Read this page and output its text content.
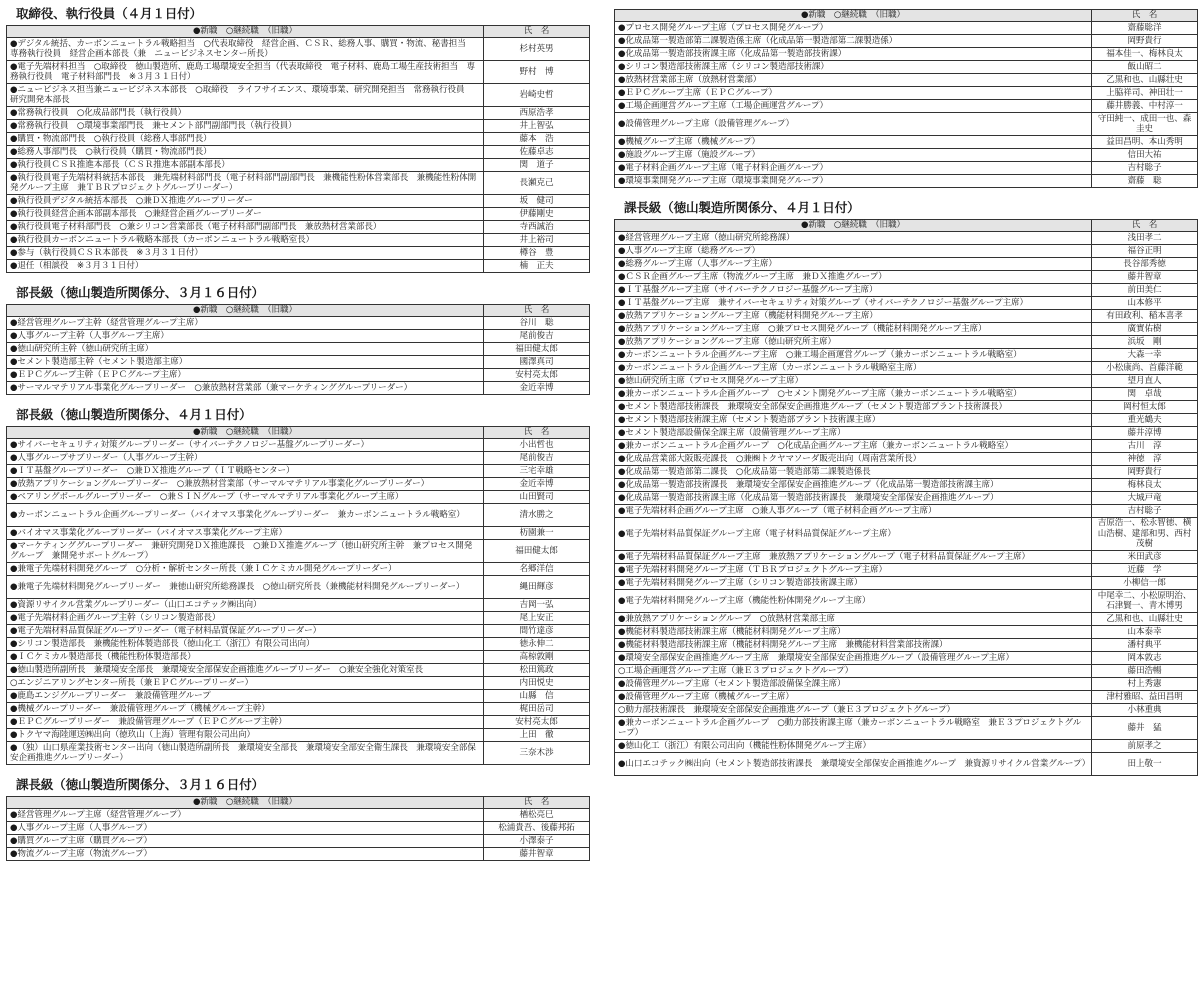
取締役、執行役員（４月１日付）
●新職　○継続職　（旧職）	氏　名
●デジタル統括、カーボンニュートラル戦略担当　○代表取締役　経営企画、ＣＳＲ、総務人事、購買・物流、秘書担当　専務執行役員　経営企画本部長（兼　ニュービジネスセンター所長）	杉村英男
●電子先端材料担当　○取締役　徳山製造所、鹿島工場環境安全担当（代表取締役　電子材料、鹿島工場生産技術担当　専務執行役員　電子材料部門長　※３月３１日付）	野村　博
●ニュービジネス担当兼ニュービジネス本部長　○取締役　ライフサイエンス、環境事業、研究開発担当　常務執行役員　研究開発本部長	岩崎史哲
●常務執行役員　○化成品部門長（執行役員）	西原浩孝
●常務執行役員　○環境事業部門長　兼セメント部門副部門長（執行役員）	井上智弘
●購買・物流部門長　○執行役員（総務人事部門長）	藤本　浩
●総務人事部門長　○執行役員（購買・物流部門長）	佐藤卓志
●執行役員ＣＳＲ推進本部長（ＣＳＲ推進本部副本部長）	関　道子
●執行役員電子先端材料統括本部長　兼先端材料部門長（電子材料部門副部門長　兼機能性粉体営業部長　兼機能性粉体開発グループ主席　兼ＴＢＲプロジェクトグループリーダー）	長瀬克己
●執行役員デジタル統括本部長　○兼ＤＸ推進グループリーダー	坂　健司
●執行役員経営企画本部副本部長　○兼経営企画グループリーダー	伊藤剛史
●執行役員電子材料部門長　○兼シリコン営業部長（電子材料部門副部門長　兼放熱材営業部長）	寺西誠治
●執行役員カーボンニュートラル戦略本部長（カーボンニュートラル戦略室長）	井上裕司
●参与（執行役員ＣＳＲ本部長　※３月３１日付）	樽谷　豊
●退任（相談役　※３月３１日付）	楠　正夫
部長級（徳山製造所関係分、３月１６日付）
●新職　○継続職　（旧職）	氏　名
●経営管理グループ主幹（経営管理グループ主席）	谷川　聡
●人事グループ主幹（人事グループ主席）	尾前俊吉
●徳山研究所主幹（徳山研究所主席）	福田健太郎
●セメント製造部主幹（セメント製造部主席）	國澤真司
●ＥＰＣグループ主幹（ＥＰＣグループ主席）	安村亮太郎
●サーマルマテリアル事業化グループリーダー　○兼放熱材営業部（兼マーケティンググループリーダー）	金近幸博
部長級（徳山製造所関係分、４月１日付）
●新職　○継続職　（旧職）	氏　名
●サイバーセキュリティ対策グループリーダー（サイバーテクノロジー基盤グループリーダー）	小出哲也
●人事グループサブリーダー（人事グループ主幹）	尾前俊吉
●ＩＴ基盤グループリーダー　○兼ＤＸ推進グループ（ＩＴ戦略センター）	三宅幸雄
●放熱アプリケーショングループリーダー　○兼放熱材営業部（サーマルマテリアル事業化グループリーダー）	金近幸博
●ベアリングボールグループリーダー　○兼ＳＩＮグループ（サーマルマテリアル事業化グループ主席）	山田賢司
●カーボンニュートラル企画グループリーダー（バイオマス事業化グループリーダー　兼カーボンニュートラル戦略室）	清水勝之
●バイオマス事業化グループリーダー（バイオマス事業化グループ主席）	杤園兼一
●マーケティンググループリーダー　兼研究開発ＤＸ推進課長　○兼ＤＸ推進グループ（徳山研究所主幹　兼プロセス開発グループ　兼開発サポートグループ）	福田健太郎
●兼電子先端材料開発グループ　○分析・解析センター所長（兼ＩＣケミカル開発グループリーダー）	名郷洋信
●兼電子先端材料開発グループリーダー　兼徳山研究所総務課長　○徳山研究所長（兼機能材料開発グループリーダー）	縄田輝彦
●資源リサイクル営業グループリーダー（山口エコテック㈱出向）	吉岡一弘
●電子先端材料企画グループ主幹（シリコン製造部長）	尾上安正
●電子先端材料品質保証グループリーダー（電子材料品質保証グループリーダー）	間竹達彦
●シリコン製造部長　兼機能性粉体製造部長（徳山化工（浙江）有限公司出向）	徳永伸二
●ＩＣケミカル製造部長（機能性粉体製造部長）	高椋敦剛
●徳山製造所副所長　兼環境安全部長　兼環境安全部保安企画推進グループリーダー　○兼安全強化対策室長	松田篤政
○エンジニアリングセンター所長（兼ＥＰＣグループリーダー）	内田悦史
●鹿島エンジグループリーダー　兼設備管理グループ	山縣　信
●機械グループリーダー　兼設備管理グループ（機械グループ主幹）	梶田岳司
●ＥＰＣグループリーダー　兼設備管理グループ（ＥＰＣグループ主幹）	安村亮太郎
●トクヤマ海陸運送㈱出向（徳玖山（上海）管理有限公司出向）	上田　徹
●（独）山口県産業技術センター出向（徳山製造所副所長　兼環境安全部長　兼環境安全部安全衛生課長　兼環境安全部保安企画推進グループリーダー）	三奈木渉
課長級（徳山製造所関係分、３月１６日付）
●新職　○継続職　（旧職）	氏　名
●経営管理グループ主席（経営管理グループ）	楢松亮巳
●人事グループ主席（人事グループ）	松浦貴吾、後藤邦拓
●購買グループ主席（購買グループ）	小澤泰子
●物流グループ主席（物流グループ）	藤井智章
●新職　○継続職　（旧職）	氏　名
●プロセス開発グループ主席（プロセス開発グループ）	齋藤聡洋
●化成品第一製造部第二課製造係主席（化成品第一製造部第二課製造係）	岡野貴行
●化成品第一製造部技術課主席（化成品第一製造部技術課）	福本佳一、梅林良太
●シリコン製造部技術課主席（シリコン製造部技術課）	飯山昭二
●放熱材営業部主席（放熱材営業部）	乙黒和也、山縣壮史
●ＥＰＣグループ主席（ＥＰＣグループ）	上脇祥司、神田壮一
●工場企画運営グループ主席（工場企画運営グループ）	藤井勝義、中村淳一
●設備管理グループ主席（設備管理グループ）	守田純一、成田一也、森　圭史
●機械グループ主席（機械グループ）	益田昌明、本山秀明
●施設グループ主席（施設グループ）	信田大祐
●電子材料企画グループ主席（電子材料企画グループ）	吉村聡子
●環境事業開発グループ主席（環境事業開発グループ）	齋藤　聡
課長級（徳山製造所関係分、４月１日付）
●新職　○継続職　（旧職）	氏　名
●経営管理グループ主席（徳山研究所総務課）	浅田孝二
●人事グループ主席（総務グループ）	福谷正明
●総務グループ主席（人事グループ主席）	長谷部秀徳
●ＣＳＲ企画グループ主席（物流グループ主席　兼ＤＸ推進グループ）	藤井智章
●ＩＴ基盤グループ主席（サイバーテクノロジー基盤グループ主席）	前田美仁
●ＩＴ基盤グループ主席　兼サイバーセキュリティ対策グループ（サイバーテクノロジー基盤グループ主席）	山本修平
●放熱アプリケーショングループ主席（機能材料開発グループ主席）	有田政利、稲本喜孝
●放熱アプリケーショングループ主席　○兼プロセス開発グループ（機能材料開発グループ主席）	廣實佑樹
●放熱アプリケーショングループ主席（徳山研究所主席）	浜坂　剛
●カーボンニュートラル企画グループ主席　○兼工場企画運営グループ（兼カーボンニュートラル戦略室）	大森一幸
●カーボンニュートラル企画グループ主席（カーボンニュートラル戦略室主席）	小松康尚、首藤洋範
●徳山研究所主席（プロセス開発グループ主席）	望月直人
●兼カーボンニュートラル企画グループ　○セメント開発グループ主席（兼カーボンニュートラル戦略室）	関　卓哉
●セメント製造部技術課長　兼環境安全部保安企画推進グループ（セメント製造部プラント技術課長）	岡村恒太郎
●セメント製造部技術課主席（セメント製造部プラント技術課主席）	重光鶴夫
●セメント製造部設備保全課主席（設備管理グループ主席）	藤井淳博
●兼カーボンニュートラル企画グループ　○化成品企画グループ主席（兼カーボンニュートラル戦略室）	古川　淳
●化成品営業部大阪販売課長　○兼㈱トクヤマソーダ販売出向（周南営業所長）	神徳　淳
●化成品第一製造部第二課長　○化成品第一製造部第二課製造係長	岡野貴行
●化成品第一製造部技術課長　兼環境安全部保安企画推進グループ（化成品第一製造部技術課主席）	梅林良太
●化成品第一製造部技術課主席（化成品第一製造部技術課長　兼環境安全部保安企画推進グループ）	大城戸竜
●電子先端材料企画グループ主席　○兼人事グループ（電子材料企画グループ主席）	吉村聡子
●電子先端材料品質保証グループ主席（電子材料品質保証グループ主席）	吉原浩一、松永智徳、横山浩樹、建部和男、西村茂樹
●電子先端材料品質保証グループ主席　兼放熱アプリケーショングループ（電子材料品質保証グループ主席）	米田武彦
●電子先端材料開発グループ主席（ＴＢＲプロジェクトグループ主席）	近藤　学
●電子先端材料開発グループ主席（シリコン製造部技術課主席）	小柳信一郎
●電子先端材料開発グループ主席（機能性粉体開発グループ主席）	中尾幸二、小松原明治、石津賢一、青木博男
●兼放熱アプリケーショングループ　○放熱材営業部主席	乙黒和也、山縣壮史
●機能材料製造部技術課主席（機能材料開発グループ主席）	山本泰幸
●機能材料製造部技術課主席（機能材料開発グループ主席　兼機能材料営業部技術課）	潘村典平
●環境安全部保安企画推進グループ主席　兼環境安全部保安企画推進グループ（設備管理グループ主席）	岡本敦志
○工場企画運営グループ主席（兼Ｅ３プロジェクトグループ）	藤田浩暢
●設備管理グループ主席（セメント製造部設備保全課主席）	村上秀憲
●設備管理グループ主席（機械グループ主席）	津村雅昭、益田昌明
○動力部技術課長　兼環境安全部保安企画推進グループ（兼Ｅ３プロジェクトグループ）	小林重典
●兼カーボンニュートラル企画グループ　○動力部技術課主席（兼カーボンニュートラル戦略室　兼Ｅ３プロジェクトグループ）	藤井　猛
●徳山化工（浙江）有限公司出向（機能性粉体開発グループ主席）	前原孝之
●山口エコテック㈱出向（セメント製造部技術課長　兼環境安全部保安企画推進グループ　兼資源リサイクル営業グループ）	田上敬一
